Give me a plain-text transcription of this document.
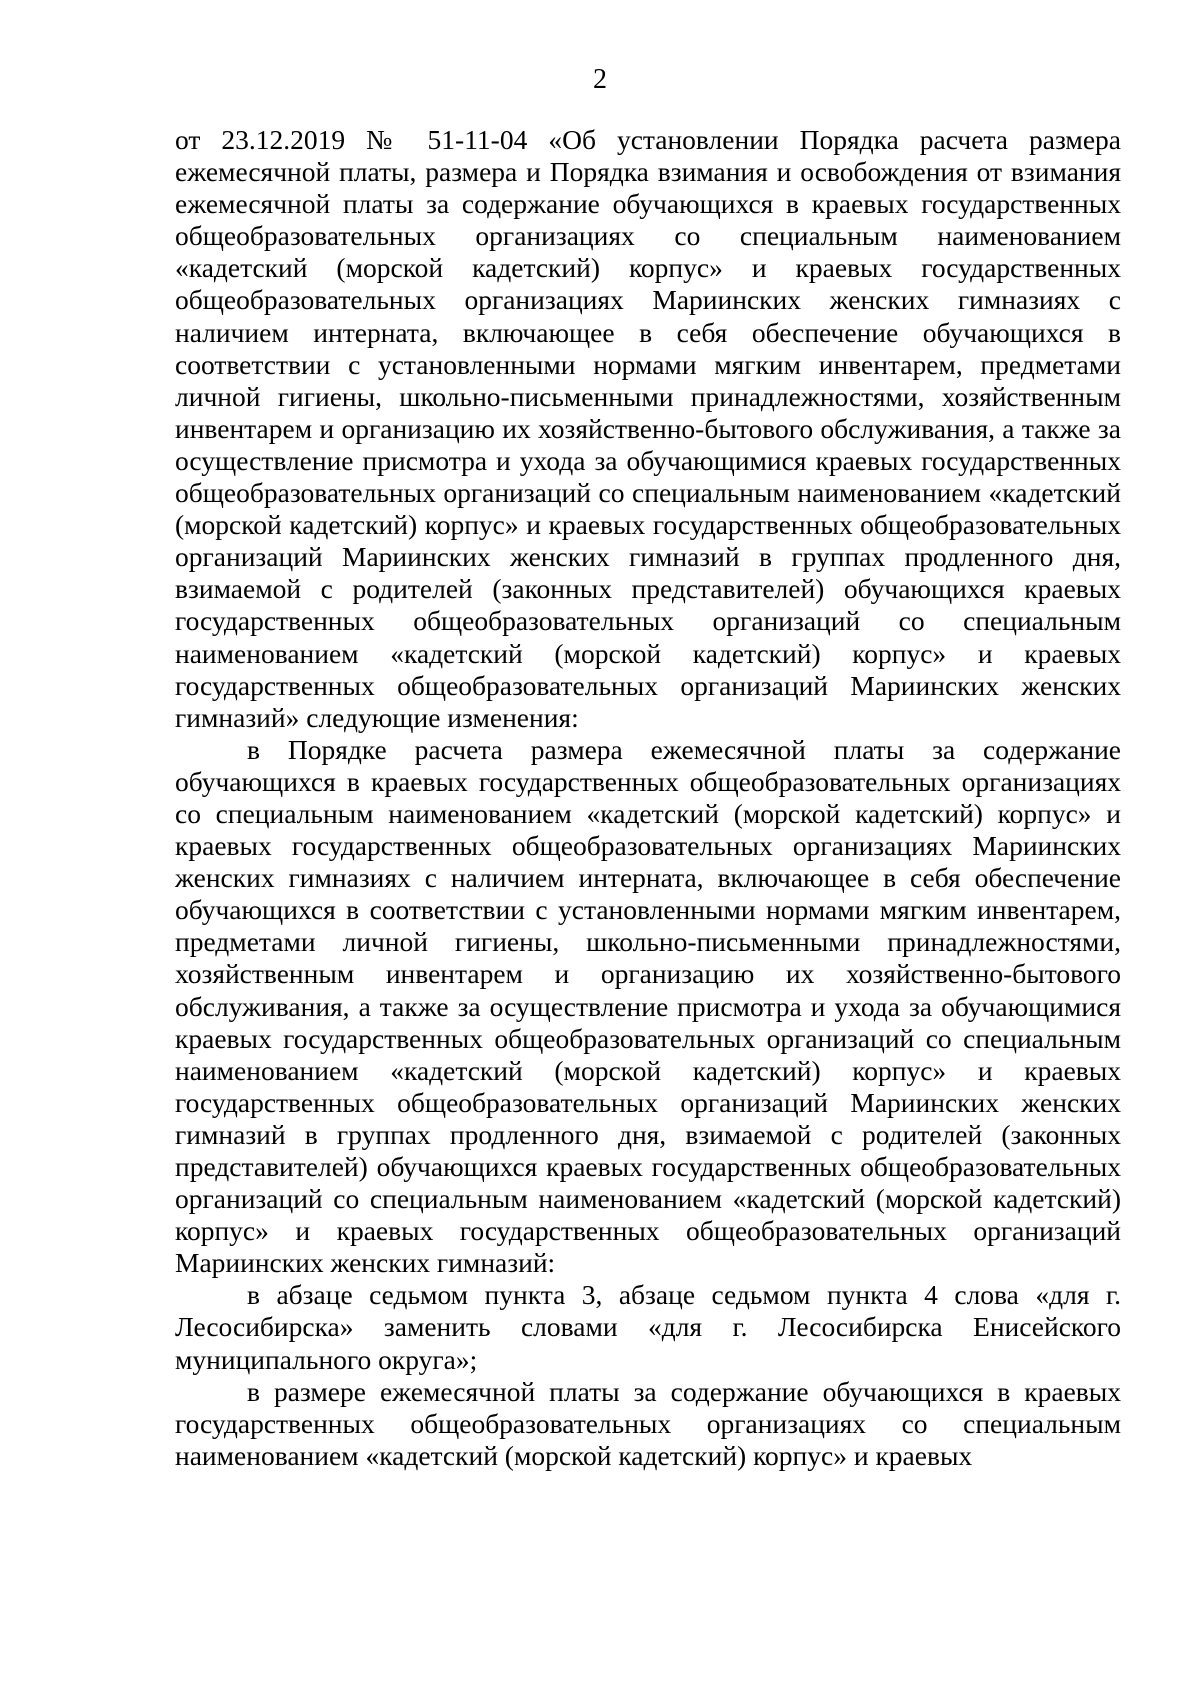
2

от 23.12.2019 № 51-11-04 «Об установлении Порядка расчета размера ежемесячной платы, размера и Порядка взимания и освобождения от взимания ежемесячной платы за содержание обучающихся в краевых государственных общеобразовательных организациях со специальным наименованием «кадетский (морской кадетский) корпус» и краевых государственных общеобразовательных организациях Мариинских женских гимназиях с наличием интерната, включающее в себя обеспечение обучающихся в соответствии с установленными нормами мягким инвентарем, предметами личной гигиены, школьно-письменными принадлежностями, хозяйственным инвентарем и организацию их хозяйственно-бытового обслуживания, а также за осуществление присмотра и ухода за обучающимися краевых государственных общеобразовательных организаций со специальным наименованием «кадетский (морской кадетский) корпус» и краевых государственных общеобразовательных организаций Мариинских женских гимназий в группах продленного дня, взимаемой с родителей (законных представителей) обучающихся краевых государственных общеобразовательных организаций со специальным наименованием «кадетский (морской кадетский) корпус» и краевых государственных общеобразовательных организаций Мариинских женских гимназий» следующие изменения:

в Порядке расчета размера ежемесячной платы за содержание обучающихся в краевых государственных общеобразовательных организациях со специальным наименованием «кадетский (морской кадетский) корпус» и краевых государственных общеобразовательных организациях Мариинских женских гимназиях с наличием интерната, включающее в себя обеспечение обучающихся в соответствии с установленными нормами мягким инвентарем, предметами личной гигиены, школьно-письменными принадлежностями, хозяйственным инвентарем и организацию их хозяйственно-бытового обслуживания, а также за осуществление присмотра и ухода за обучающимися краевых государственных общеобразовательных организаций со специальным наименованием «кадетский (морской кадетский) корпус» и краевых государственных общеобразовательных организаций Мариинских женских гимназий в группах продленного дня, взимаемой с родителей (законных представителей) обучающихся краевых государственных общеобразовательных организаций со специальным наименованием «кадетский (морской кадетский) корпус» и краевых государственных общеобразовательных организаций Мариинских женских гимназий:

в абзаце седьмом пункта 3, абзаце седьмом пункта 4 слова «для г. Лесосибирска» заменить словами «для г. Лесосибирска Енисейского муниципального округа»;

в размере ежемесячной платы за содержание обучающихся в краевых государственных общеобразовательных организациях со специальным наименованием «кадетский (морской кадетский) корпус» и краевых
